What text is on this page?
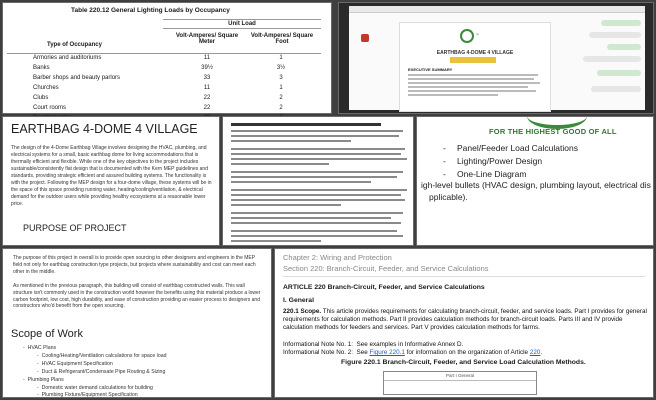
Table 220.12 General Lighting Loads by Occupancy
Unit Load
Type of Occupancy
Volt-Amperes/ Square Meter
Volt-Amperes/ Square Foot
Armories and auditoriums	11	1
Banks	39½	3½
Barber shops and beauty parlors	33	3
Churches	11	1
Clubs	22	2
Court rooms	22	2
~
EARTHBAG 4-DOME 4 VILLAGE
EXECUTIVE SUMMARY
EARTHBAG 4-DOME 4 VILLAGE
The design of the 4-Dome Earthbag Village involves designing the HVAC, plumbing, and electrical systems for a small, basic earthbag dome for living accommodations that is thermally efficient and flexible. While one of the key objectives to the project includes sustainable/consistently flat design that is documented with the Kern MEP guidelines and standards, providing strategic efficient and assured building systems. The functionality is with the project. Following the MEP design for a four-dome village, these systems will be in the space of this space providing running water, heating/cooling/ventilation, & electrical demand for the outdoor users while providing healthy ecosystems at a reasonable lower price.
PURPOSE OF PROJECT
FOR THE HIGHEST GOOD OF ALL
- Panel/Feeder Load Calculations
- Lighting/Power Design
- One-Line Diagram
igh-level bullets (HVAC design, plumbing layout, electrical dis
pplicable).
The purpose of this project in overall is to provide open sourcing to other designers and engineers in the MEP field not only for earthbag construction type projects, but projects where sustainability and cost can meet each other in the middle.
As mentioned in the previous paragraph, this building will consist of earthbag constructed walls. This wall structure isn't commonly used in the construction world however the benefits using this material produce a lower carbon footprint, low cost, high durability, and ease of construction providing an easier process to designers and constructors who'd benefit from the open sourcing.
Scope of Work
-  HVAC Plans
-  Cooling/Heating/Ventilation calculations for space load
-  HVAC Equipment Specification
-  Duct & Refrigerant/Condensate Pipe Routing & Sizing
-  Plumbing Plans
-  Domestic water demand calculations for building
-  Plumbing Fixture/Equipment Specification
Chapter 2: Wiring and Protection
Section 220: Branch-Circuit, Feeder, and Service Calculations
ARTICLE 220 Branch-Circuit, Feeder, and Service Calculations
I. General
220.1 Scope. This article provides requirements for calculating branch-circuit, feeder, and service loads. Part I provides for general requirements for calculation methods. Part II provides calculation methods for branch-circuit loads. Parts III and IV provide calculation methods for feeders and services. Part V provides calculation methods for farms.
Informational Note No. 1: See examples in Informative Annex D.
Informational Note No. 2: See Figure 220.1 for information on the organization of Article 220.
Figure 220.1 Branch-Circuit, Feeder, and Service Load Calculation Methods.
Part I General
